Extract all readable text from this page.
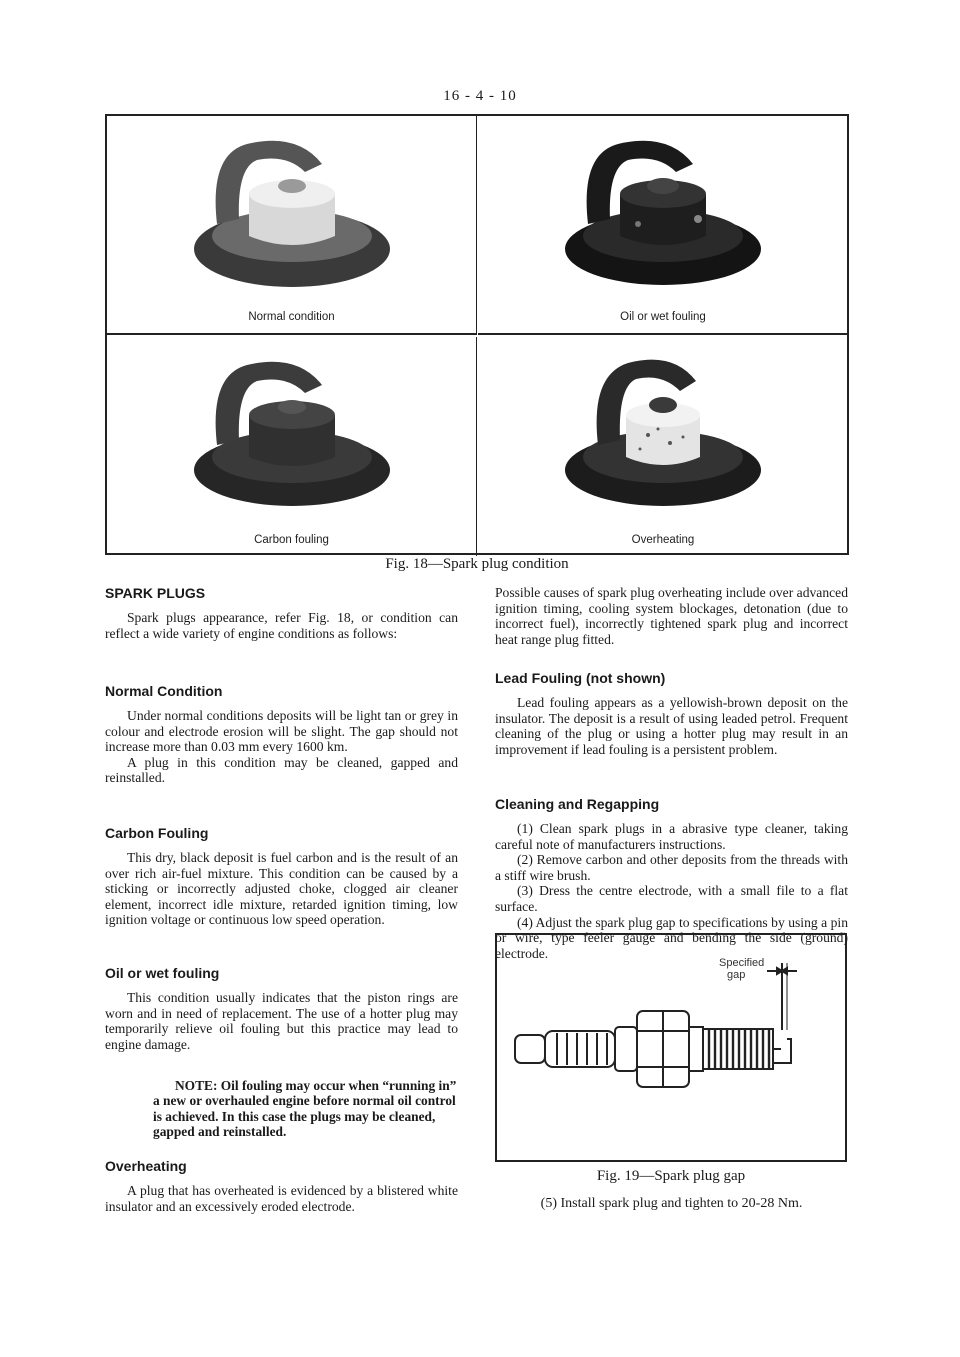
16 - 4 - 10
Normal condition	Oil or wet fouling
Carbon fouling	Overheating
Fig. 18—Spark plug condition
SPARK PLUGS

Spark plugs appearance, refer Fig. 18, or condition can reflect a wide variety of engine conditions as follows:

Normal Condition

Under normal conditions deposits will be light tan or grey in colour and electrode erosion will be slight. The gap should not increase more than 0.03 mm every 1600 km.

A plug in this condition may be cleaned, gapped and reinstalled.

Carbon Fouling

This dry, black deposit is fuel carbon and is the result of an over rich air-fuel mixture. This condition can be caused by a sticking or incorrectly adjusted choke, clogged air cleaner element, incorrect idle mixture, retarded ignition timing, low ignition voltage or continuous low speed operation.

Oil or wet fouling

This condition usually indicates that the piston rings are worn and in need of replacement. The use of a hotter plug may temporarily relieve oil fouling but this practice may lead to engine damage.

NOTE: Oil fouling may occur when “running in” a new or overhauled engine before normal oil control is achieved. In this case the plugs may be cleaned, gapped and reinstalled.

Overheating

A plug that has overheated is evidenced by a blistered white insulator and an excessively eroded electrode.

Possible causes of spark plug overheating include over advanced ignition timing, cooling system blockages, detonation (due to incorrect fuel), incorrectly tightened spark plug and incorrect heat range plug fitted.

Lead Fouling (not shown)

Lead fouling appears as a yellowish-brown deposit on the insulator. The deposit is a result of using leaded petrol. Frequent cleaning of the plug or using a hotter plug may result in an improvement if lead fouling is a persistent problem.

Cleaning and Regapping

(1) Clean spark plugs in a abrasive type cleaner, taking careful note of manufacturers instructions.

(2) Remove carbon and other deposits from the threads with a stiff wire brush.

(3) Dress the centre electrode, with a small file to a flat surface.

(4) Adjust the spark plug gap to specifications by using a pin or wire, type feeler gauge and bending the side (ground) electrode.

Specified
gap
Fig. 19—Spark plug gap
(5) Install spark plug and tighten to 20-28 Nm.
